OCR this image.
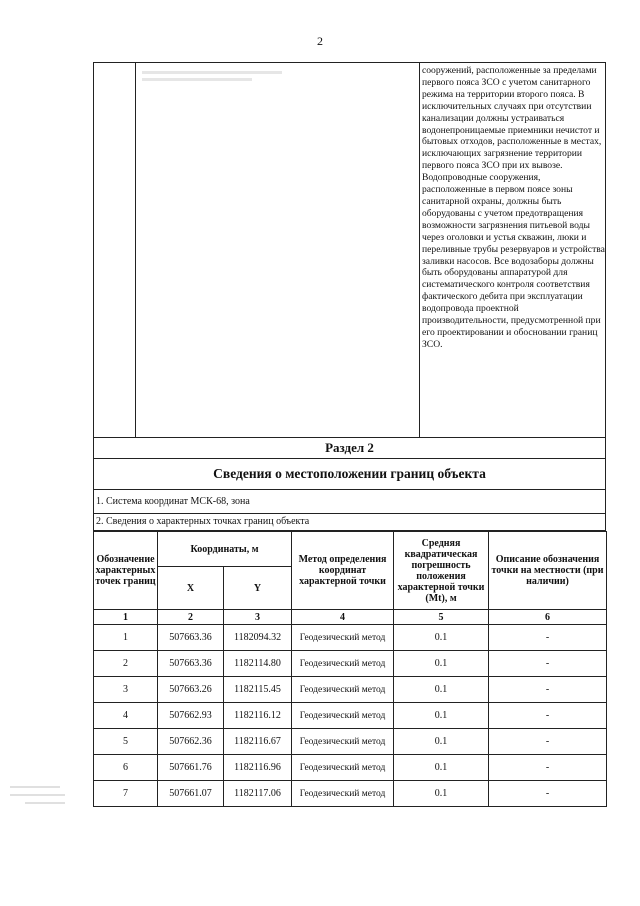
2
сооружений, расположенные за пределами первого пояса ЗСО с учетом санитарного режима на территории второго пояса. В исключительных случаях при отсутствии канализации должны устраиваться водонепроницаемые приемники нечистот и бытовых отходов, расположенные в местах, исключающих загрязнение территории первого пояса ЗСО при их вывозе. Водопроводные сооружения, расположенные в первом поясе зоны санитарной охраны, должны быть оборудованы с учетом предотвращения возможности загрязнения питьевой воды через оголовки и устья скважин, люки и переливные трубы резервуаров и устройства заливки насосов. Все водозаборы должны быть оборудованы аппаратурой для систематического контроля соответствия фактического дебита при эксплуатации водопровода проектной производительности, предусмотренной при его проектировании и обосновании границ ЗСО.
Раздел 2
Сведения о местоположении границ объекта
1. Система координат МСК-68, зона
2. Сведения о характерных точках границ объекта
Обозначение характерных точек границ	Координаты, м		Метод определения координат характерной точки	Средняя квадратическая погрешность положения характерной точки (Mt), м	Описание обозначения точки на местности (при наличии)
	X	Y			
1	2	3	4	5	6
1	507663.36	1182094.32	Геодезический метод	0.1	-
2	507663.36	1182114.80	Геодезический метод	0.1	-
3	507663.26	1182115.45	Геодезический метод	0.1	-
4	507662.93	1182116.12	Геодезический метод	0.1	-
5	507662.36	1182116.67	Геодезический метод	0.1	-
6	507661.76	1182116.96	Геодезический метод	0.1	-
7	507661.07	1182117.06	Геодезический метод	0.1	-
